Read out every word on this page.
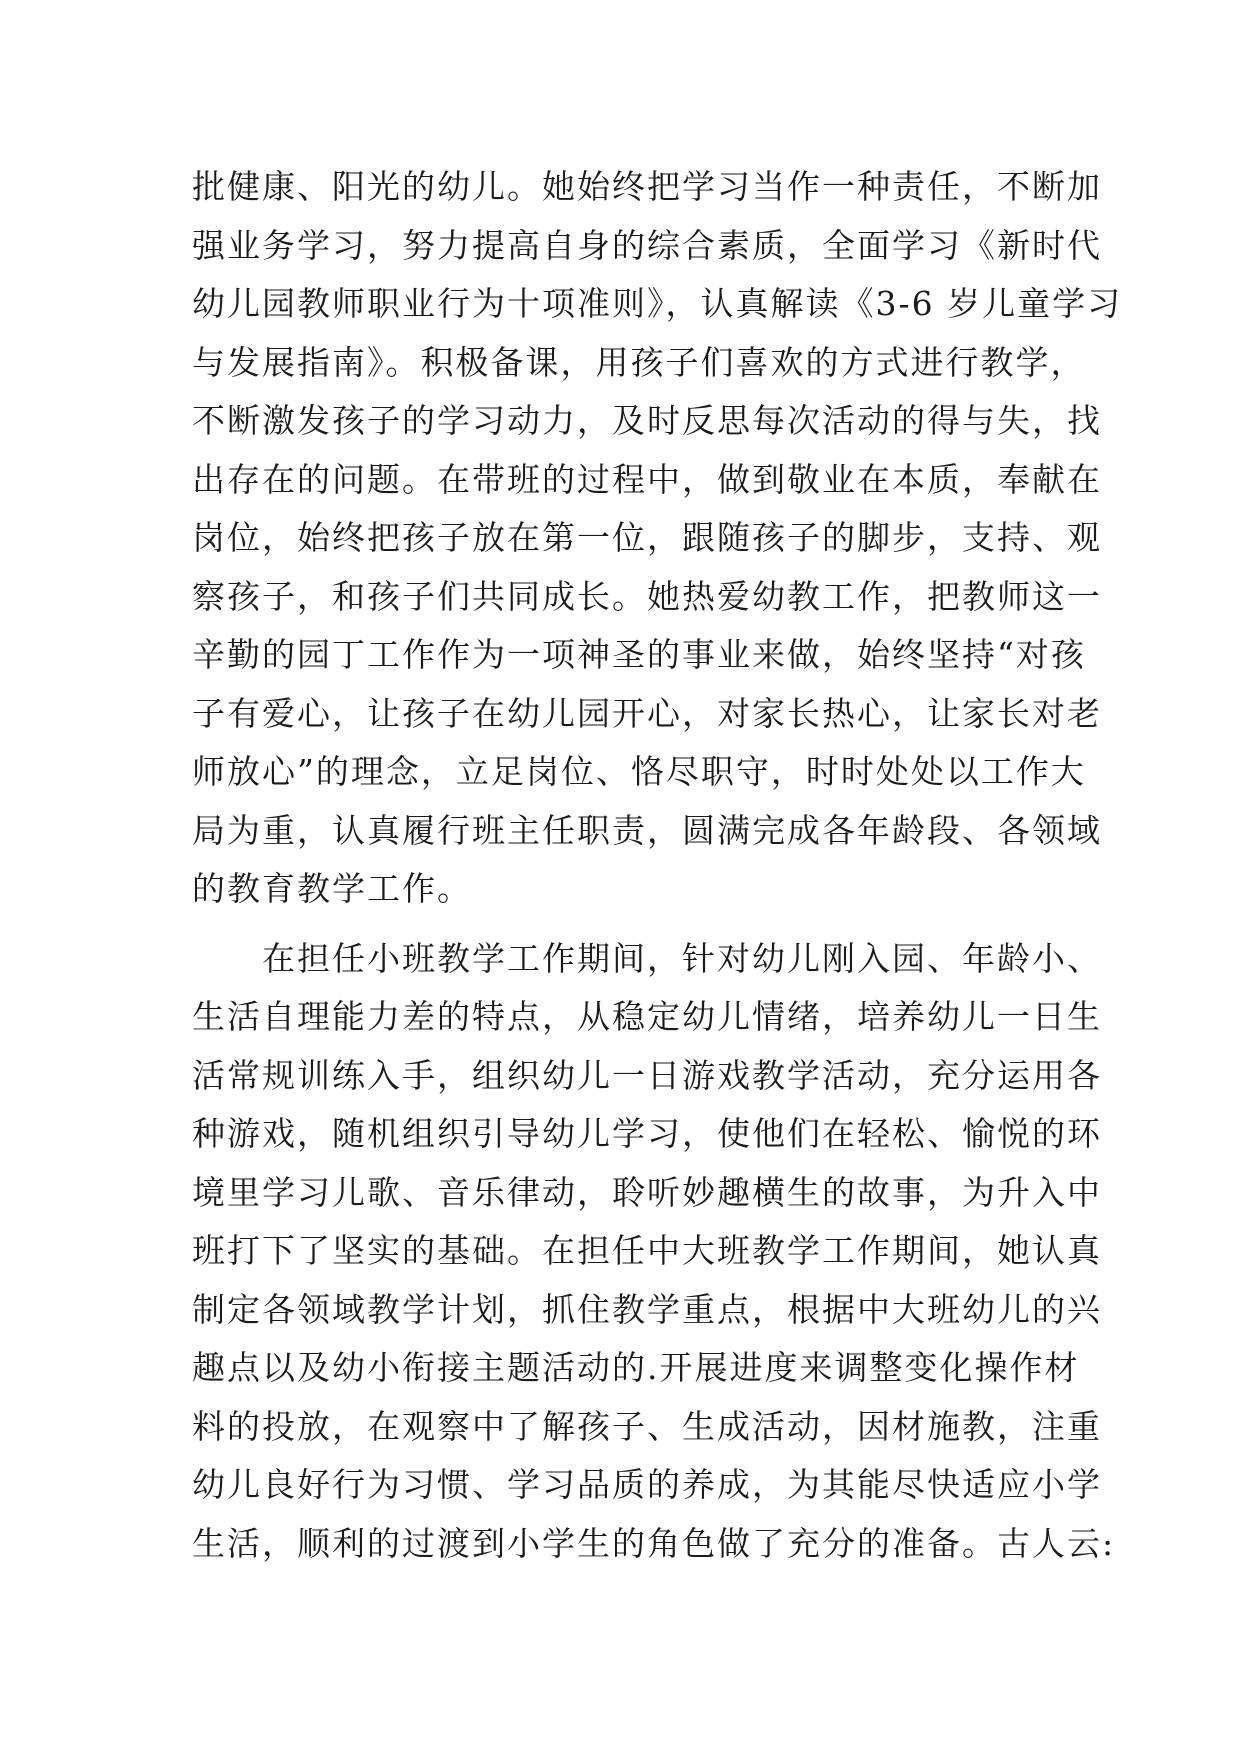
批健康、阳光的幼儿。她始终把学习当作一种责任，不断加
强业务学习，努力提高自身的综合素质，全面学习《新时代
幼儿园教师职业行为十项准则》，认真解读《3-6 岁儿童学习
与发展指南》。积极备课，用孩子们喜欢的方式进行教学，
不断激发孩子的学习动力，及时反思每次活动的得与失，找
出存在的问题。在带班的过程中，做到敬业在本质，奉献在
岗位，始终把孩子放在第一位，跟随孩子的脚步，支持、观
察孩子，和孩子们共同成长。她热爱幼教工作，把教师这一
辛勤的园丁工作作为一项神圣的事业来做，始终坚持“对孩
子有爱心，让孩子在幼儿园开心，对家长热心，让家长对老
师放心”的理念，立足岗位、恪尽职守，时时处处以工作大
局为重，认真履行班主任职责，圆满完成各年龄段、各领域
的教育教学工作。
在担任小班教学工作期间，针对幼儿刚入园、年龄小、
生活自理能力差的特点，从稳定幼儿情绪，培养幼儿一日生
活常规训练入手，组织幼儿一日游戏教学活动，充分运用各
种游戏，随机组织引导幼儿学习，使他们在轻松、愉悦的环
境里学习儿歌、音乐律动，聆听妙趣横生的故事，为升入中
班打下了坚实的基础。在担任中大班教学工作期间，她认真
制定各领域教学计划，抓住教学重点，根据中大班幼儿的兴
趣点以及幼小衔接主题活动的.开展进度来调整变化操作材
料的投放，在观察中了解孩子、生成活动，因材施教，注重
幼儿良好行为习惯、学习品质的养成，为其能尽快适应小学
生活，顺利的过渡到小学生的角色做了充分的准备。古人云:
